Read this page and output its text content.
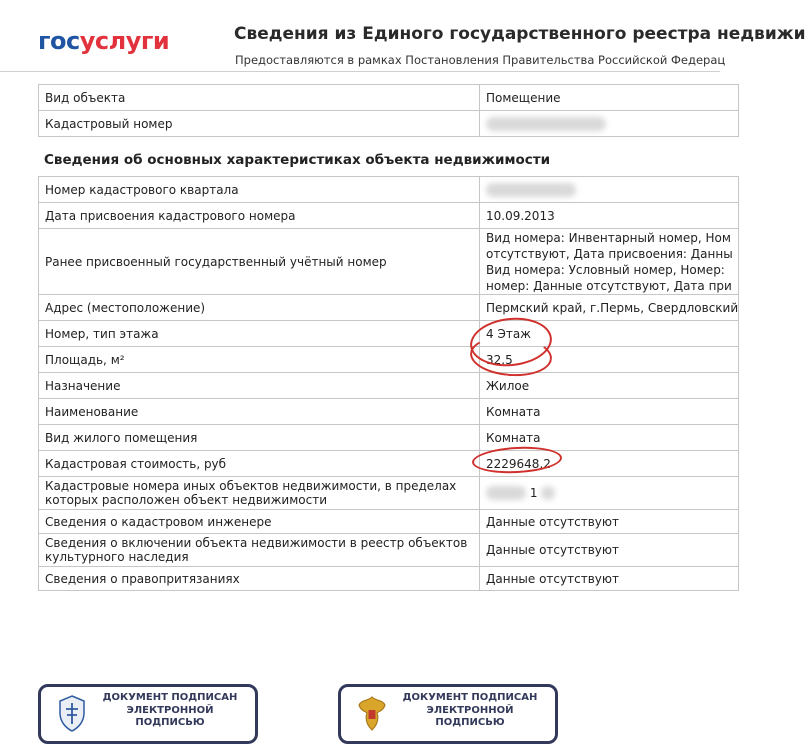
госуслуги	Сведения из Единого государственного реестра недвижи
Предоставляются в рамках Постановления Правительства Российской Федерац
Вид объекта	Помещение
Кадастровый номер	
Сведения об основных характеристиках объекта недвижимости
Номер кадастрового квартала	
Дата присвоения кадастрового номера	10.09.2013
Ранее присвоенный государственный учётный номер	Вид номера: Инвентарный номер, Ном
отсутствуют, Дата присвоения: Данны
Вид номера: Условный номер, Номер:
номер: Данные отсутствуют, Дата при

Адрес (местоположение)	Пермский край, г.Пермь, Свердловский
Номер, тип этажа	4 Этаж
Площадь, м²	32.5
Назначение	Жилое
Наименование	Комната
Вид жилого помещения	Комната
Кадастровая стоимость, руб	2229648.2
Кадастровые номера иных объектов недвижимости, в пределах которых расположен объект недвижимости	1
Сведения о кадастровом инженере	Данные отсутствуют
Сведения о включении объекта недвижимости в реестр объектов культурного наследия	Данные отсутствуют
Сведения о правопритязаниях	Данные отсутствуют
ДОКУМЕНТ ПОДПИСАН
ЭЛЕКТРОННОЙ
ПОДПИСЬЮ
ДОКУМЕНТ ПОДПИСАН
ЭЛЕКТРОННОЙ
ПОДПИСЬЮ
